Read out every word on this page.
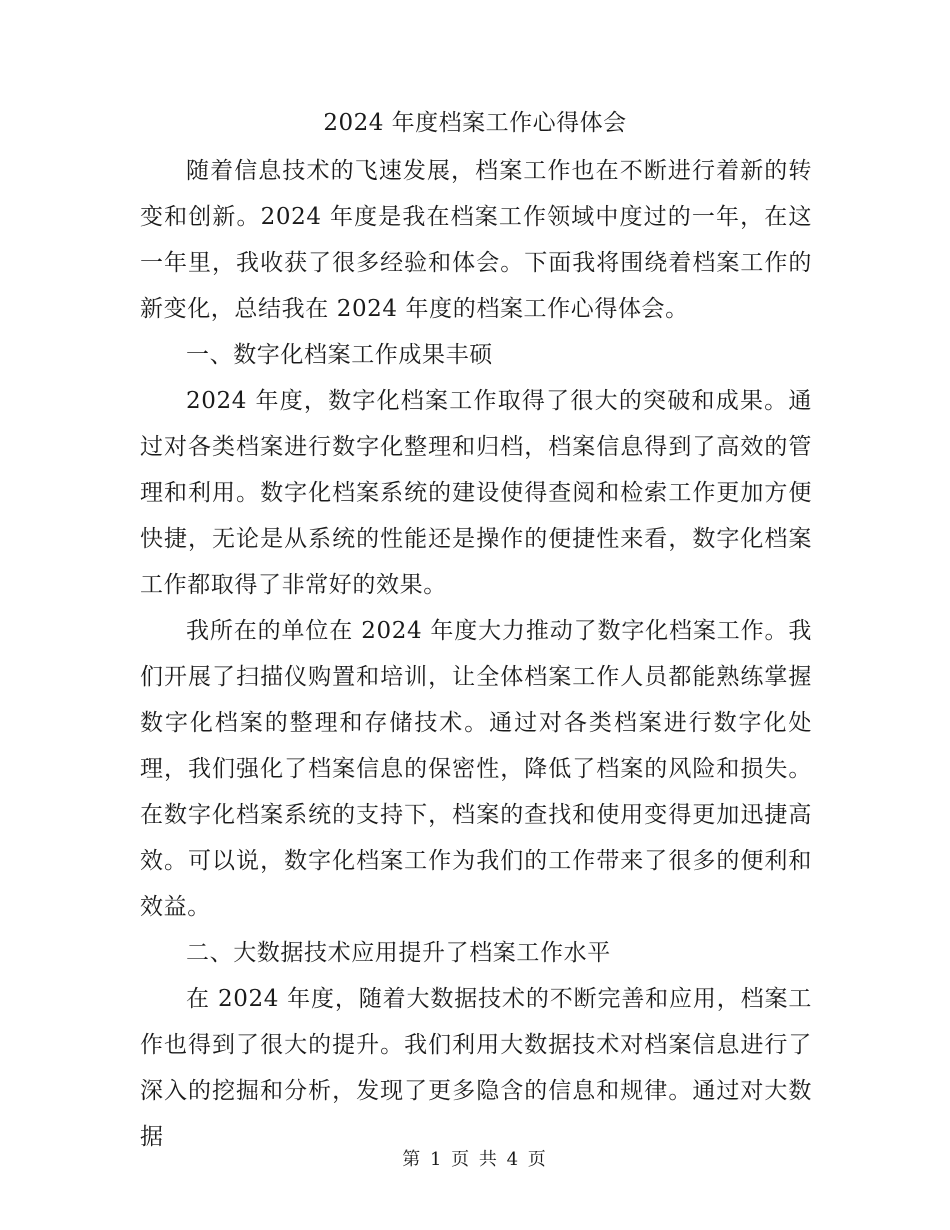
2024 年度档案工作心得体会

随着信息技术的飞速发展，档案工作也在不断进行着新的转变和创新。2024 年度是我在档案工作领域中度过的一年，在这一年里，我收获了很多经验和体会。下面我将围绕着档案工作的新变化，总结我在 2024 年度的档案工作心得体会。

一、数字化档案工作成果丰硕

2024 年度，数字化档案工作取得了很大的突破和成果。通过对各类档案进行数字化整理和归档，档案信息得到了高效的管理和利用。数字化档案系统的建设使得查阅和检索工作更加方便快捷，无论是从系统的性能还是操作的便捷性来看，数字化档案工作都取得了非常好的效果。

我所在的单位在 2024 年度大力推动了数字化档案工作。我们开展了扫描仪购置和培训，让全体档案工作人员都能熟练掌握数字化档案的整理和存储技术。通过对各类档案进行数字化处理，我们强化了档案信息的保密性，降低了档案的风险和损失。在数字化档案系统的支持下，档案的查找和使用变得更加迅捷高效。可以说，数字化档案工作为我们的工作带来了很多的便利和效益。

二、大数据技术应用提升了档案工作水平

在 2024 年度，随着大数据技术的不断完善和应用，档案工作也得到了很大的提升。我们利用大数据技术对档案信息进行了深入的挖掘和分析，发现了更多隐含的信息和规律。通过对大数据

第 1 页 共 4 页
